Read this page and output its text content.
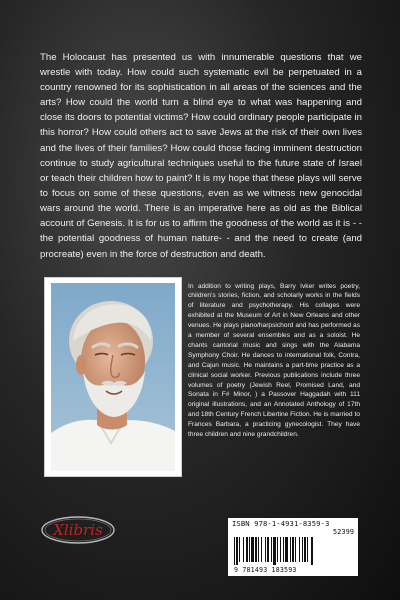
The Holocaust has presented us with innumerable questions that we wrestle with today. How could such systematic evil be perpetuated in a country renowned for its sophistication in all areas of the sciences and the arts? How could the world turn a blind eye to what was happening and close its doors to potential victims? How could ordinary people participate in this horror? How could others act to save Jews at the risk of their own lives and the lives of their families? How could those facing imminent destruction continue to study agricultural techniques useful to the future state of Israel or teach their children how to paint? It is my hope that these plays will serve to focus on some of these questions, even as we witness new genocidal wars around the world. There is an imperative here as old as the Biblical account of Genesis. It is for us to affirm the goodness of the world as it is - -the potential goodness of human nature- - and the need to create (and procreate) even in the force of destruction and death.

In addition to writing plays, Barry Ivker writes poetry, children's stories, fiction, and scholarly works in the fields of literature and psychotherapy. His collages were exhibited at the Museum of Art in New Orleans and other venues. He plays piano/harpsichord and has performed as a member of several ensembles and as a soloist. He chants cantorial music and sings with the Alabama Symphony Choir. He dances to international folk, Contra, and Cajun music. He maintains a part-time practice as a clinical social worker. Previous publications include three volumes of poetry (Jewish Reel, Promised Land, and Sonata in F# Minor, ) a Passover Haggadah with 111 original illustrations, and an Annotated Anthology of 17th and 18th Century French Libertine Fiction. He is married to Frances Barbara, a practicing gynecologist. They have three children and nine grandchildren.

Xlibris	ISBN 978-1-4931-8359-3
52399
9 781493 183593
